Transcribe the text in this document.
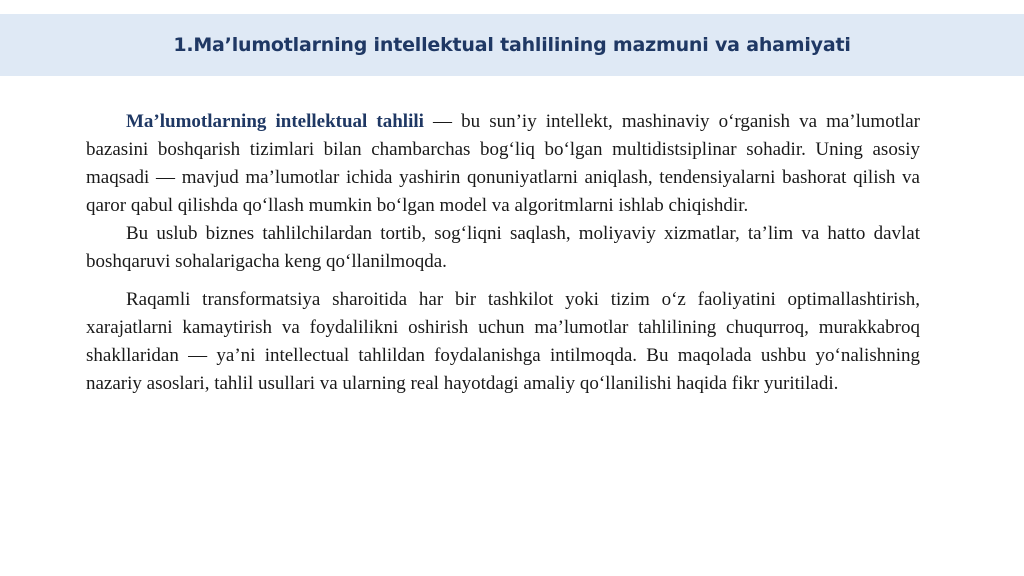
1.Ma’lumotlarning intellektual tahlilining mazmuni va ahamiyati

Ma’lumotlarning intellektual tahlili — bu sun’iy intellekt, mashinaviy o‘rganish va ma’lumotlar bazasini boshqarish tizimlari bilan chambarchas bog‘liq bo‘lgan multidistsiplinar sohadir. Uning asosiy maqsadi — mavjud ma’lumotlar ichida yashirin qonuniyatlarni aniqlash, tendensiyalarni bashorat qilish va qaror qabul qilishda qo‘llash mumkin bo‘lgan model va algoritmlarni ishlab chiqishdir.

Bu uslub biznes tahlilchilardan tortib, sog‘liqni saqlash, moliyaviy xizmatlar, ta’lim va hatto davlat boshqaruvi sohalarigacha keng qo‘llanilmoqda.

Raqamli transformatsiya sharoitida har bir tashkilot yoki tizim o‘z faoliyatini optimallashtirish, xarajatlarni kamaytirish va foydalilikni oshirish uchun ma’lumotlar tahlilining chuqurroq, murakkabroq shakllaridan — ya’ni intellectual tahlildan foydalanishga intilmoqda. Bu maqolada ushbu yo‘nalishning nazariy asoslari, tahlil usullari va ularning real hayotdagi amaliy qo‘llanilishi haqida fikr yuritiladi.
